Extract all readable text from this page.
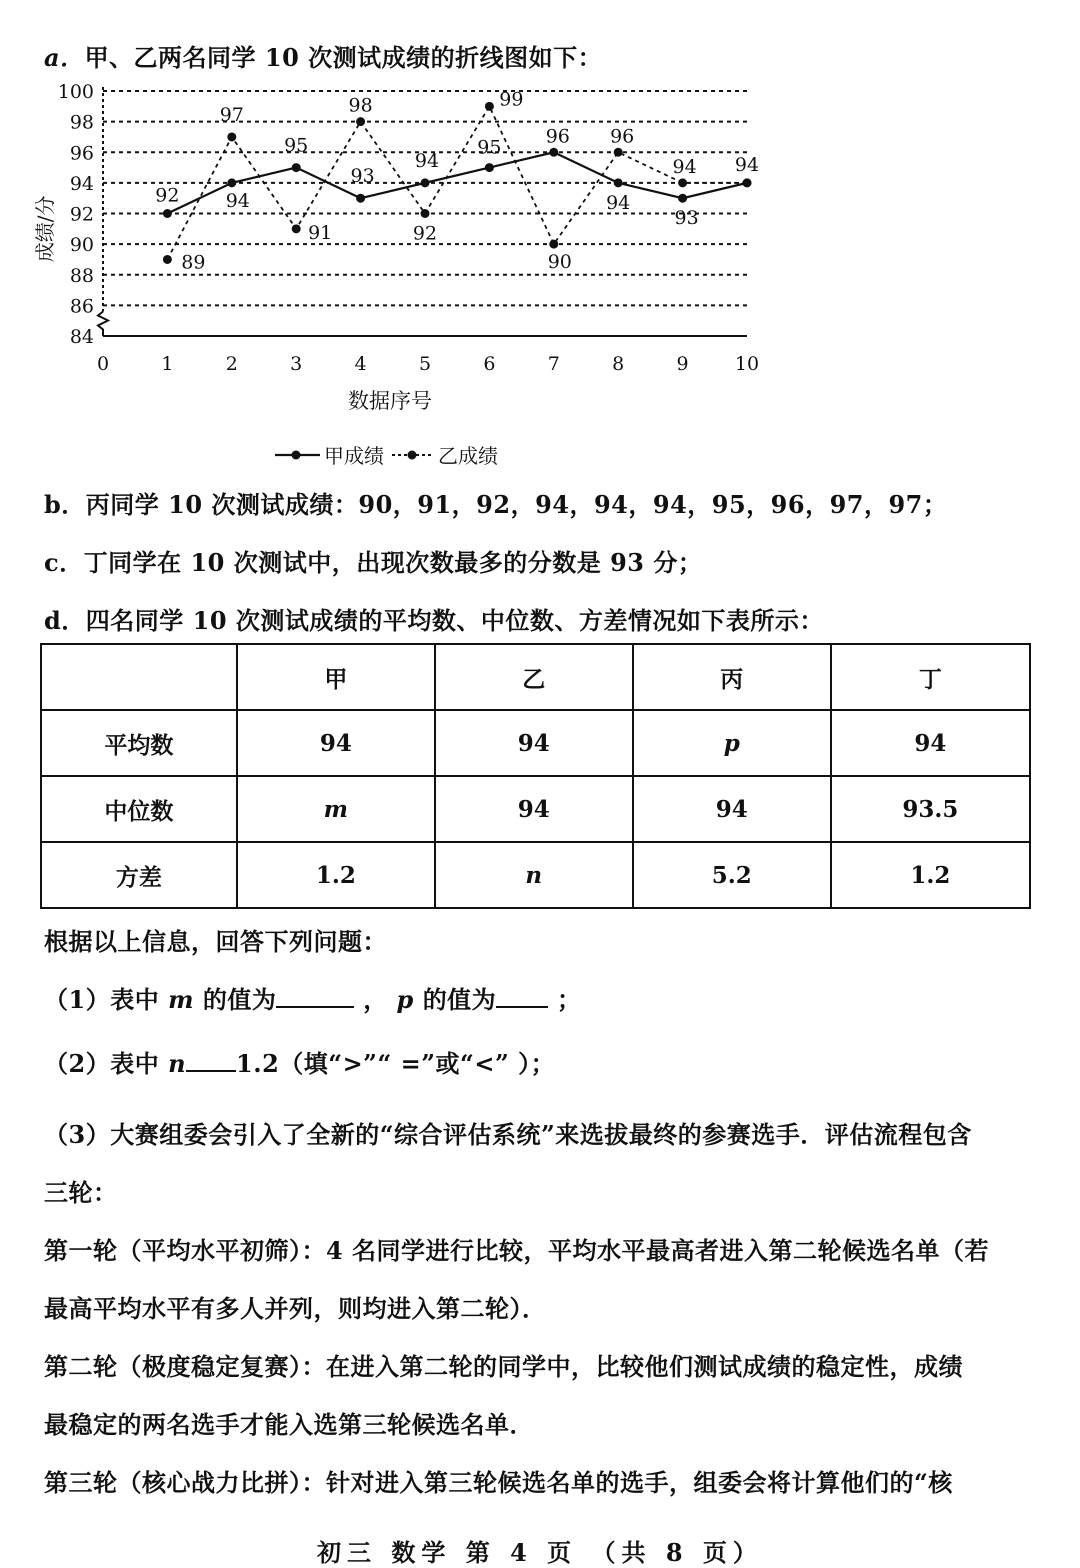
a．甲、乙两名同学 10 次测试成绩的折线图如下：
84
86
88
90
92
94
96
98
100
0	1	2	3	4	5	6	7	8	9 10
数据序号
成绩/分	92 94
95
93
94
95
96
94
93
94
89
97
91
98
92
99
90
96
94
甲成绩	乙成绩
b．丙同学 10 次测试成绩：90，91，92，94，94，94，95，96，97，97；
c．丁同学在 10 次测试中，出现次数最多的分数是 93 分；
d．四名同学 10 次测试成绩的平均数、中位数、方差情况如下表所示：
	甲	乙	丙	丁
平均数	94	94	p	94
中位数	m	94	94	93.5
方差	1.2	n	5.2	1.2
根据以上信息，回答下列问题：
（1）表中 m 的值为	， p 的值为	；
（2）表中 n 1.2（填“>”“ =”或“<” ）；
（3）大赛组委会引入了全新的“综合评估系统”来选拔最终的参赛选手．评估流程包含
三轮：
第一轮（平均水平初筛）：4 名同学进行比较，平均水平最高者进入第二轮候选名单（若
最高平均水平有多人并列，则均进入第二轮）．
第二轮（极度稳定复赛）：在进入第二轮的同学中，比较他们测试成绩的稳定性，成绩
最稳定的两名选手才能入选第三轮候选名单．
第三轮（核心战力比拼）：针对进入第三轮候选名单的选手，组委会将计算他们的“核
初三 数学 第 4 页 （共 8 页）
